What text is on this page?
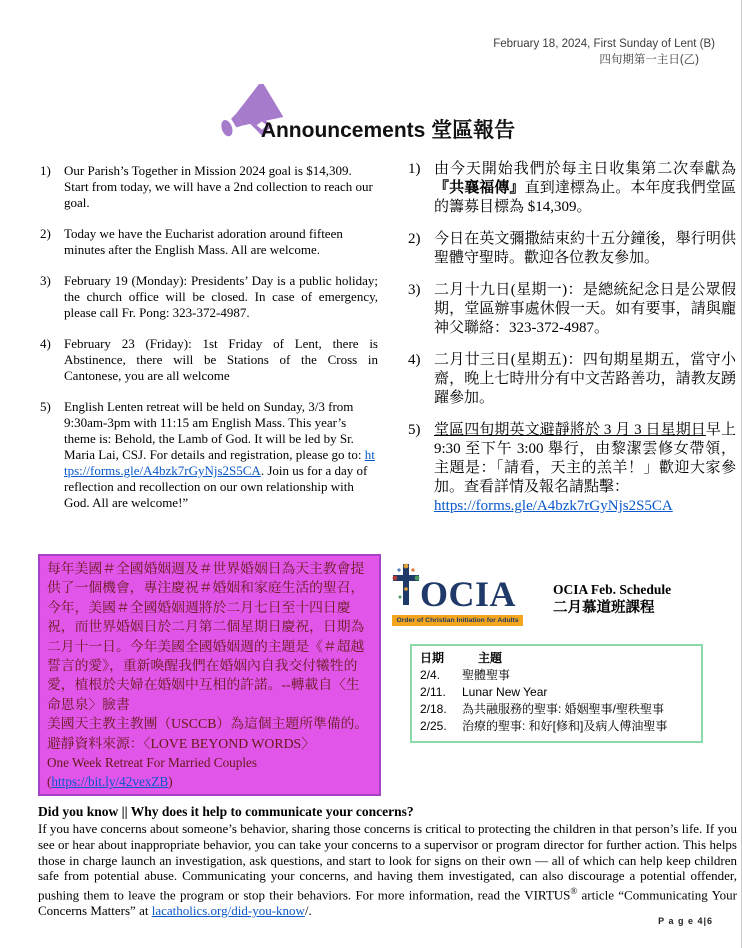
February 18, 2024, First Sunday of Lent (B)
四旬期第一主日(乙)
Announcements 堂區報告
1)	Our Parish’s Together in Mission 2024 goal is $14,309. Start from today, we will have a 2nd collection to reach our goal.
2)	Today we have the Eucharist adoration around fifteen minutes after the English Mass. All are welcome.
3)	February 19 (Monday): Presidents’ Day is a public holiday; the church office will be closed. In case of emergency, please call Fr. Pong: 323-372-4987.
4)	February 23 (Friday): 1st Friday of Lent, there is Abstinence, there will be Stations of the Cross in Cantonese, you are all welcome
5)	English Lenten retreat will be held on Sunday, 3/3 from 9:30am-3pm with 11:15 am English Mass. This year’s theme is: Behold, the Lamb of God. It will be led by Sr. Maria Lai, CSJ. For details and registration, please go to: https://forms.gle/A4bzk7rGyNjs2S5CA. Join us for a day of reflection and recollection on our own relationship with God. All are welcome!”
1) 由今天開始我們於每主日收集第二次奉獻為『共襄福傳』直到達標為止。本年度我們堂區的籌募目標為 $14,309。
2) 今日在英文彌撒結束約十五分鐘後，舉行明供聖體守聖時。歡迎各位教友參加。
3) 二月十九日(星期一)：是總統紀念日是公眾假期，堂區辦事處休假一天。如有要事，請與龐神父聯絡：323-372-4987。
4) 二月廿三日(星期五)：四旬期星期五，當守小齋，晚上七時卅分有中文苦路善功，請教友踴躍參加。
5) 堂區四旬期英文避靜將於 3 月 3 日星期日早上 9:30 至下午 3:00 舉行，由黎潔雲修女帶領，主題是：「請看，天主的羔羊！」歡迎大家參加。查看詳情及報名請點擊：
https://forms.gle/A4bzk7rGyNjs2S5CA
每年美國＃全國婚姻週及＃世界婚姻日為天主教會提供了一個機會，專注慶祝＃婚姻和家庭生活的聖召，今年，美國＃全國婚姻週將於二月七日至十四日慶祝，而世界婚姻日於二月第二個星期日慶祝，日期為二月十一日。今年美國全國婚姻週的主題是《＃超越誓言的愛》，重新喚醒我們在婚姻內自我交付犧牲的愛，植根於夫婦在婚姻中互相的許諾。--轉載自〈生命恩泉〉臉書
美國天主教主教團（USCCB）為這個主題所準備的。
避靜資料來源：〈LOVE BEYOND WORDS〉
One Week Retreat For Married Couples
(https://bit.ly/42vexZB)
OCIA
Order of Christian Initiation for Adults
OCIA Feb. Schedule
二月慕道班課程
日期	主題
2/4.	聖體聖事
2/11.	Lunar New Year
2/18.	為共融服務的聖事: 婚姻聖事/聖秩聖事
2/25.	治療的聖事: 和好[修和]及病人傅油聖事
Did you know || Why does it help to communicate your concerns?
If you have concerns about someone’s behavior, sharing those concerns is critical to protecting the children in that person’s life. If you see or hear about inappropriate behavior, you can take your concerns to a supervisor or program director for further action. This helps those in charge launch an investigation, ask questions, and start to look for signs on their own — all of which can help keep children safe from potential abuse. Communicating your concerns, and having them investigated, can also discourage a potential offender, pushing them to leave the program or stop their behaviors. For more information, read the VIRTUS® article “Communicating Your Concerns Matters” at lacatholics.org/did-you-know/.
P a g e 4|6
